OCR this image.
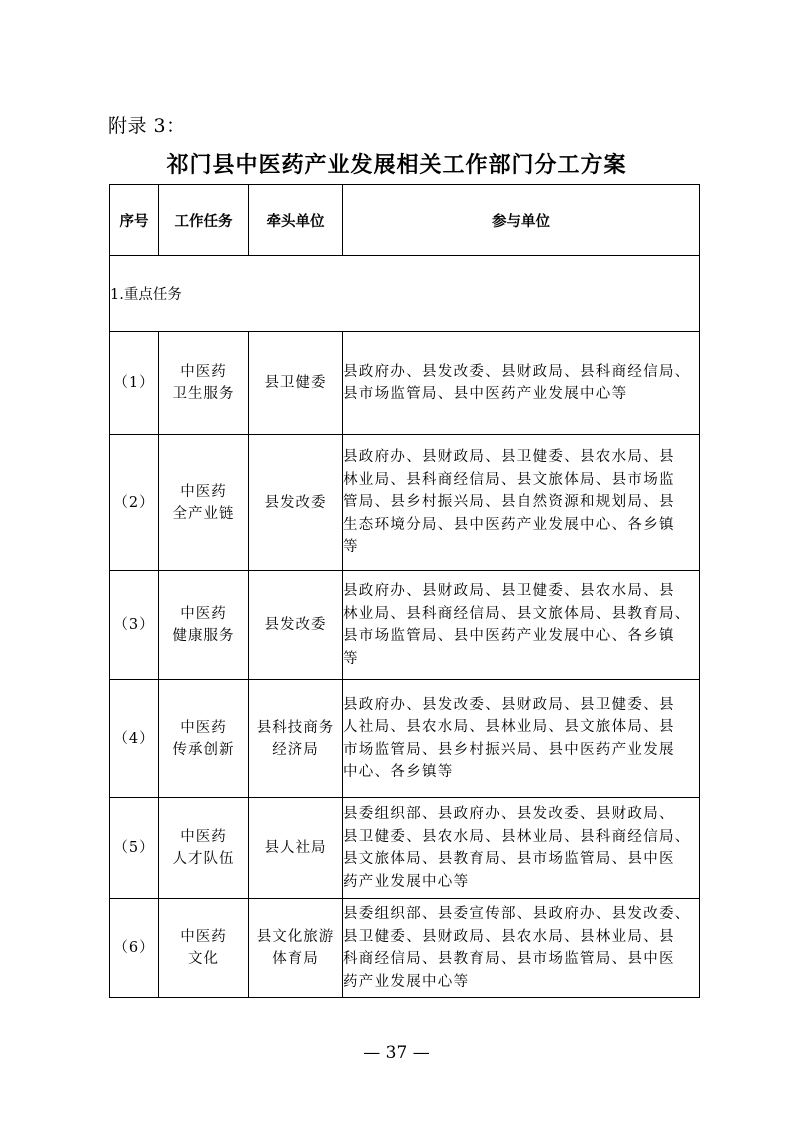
附录 3：
祁门县中医药产业发展相关工作部门分工方案
序号	工作任务	牵头单位	参与单位
1.重点任务			
（1）	中医药
卫生服务	县卫健委	县政府办、县发改委、县财政局、县科商经信局、
县市场监管局、县中医药产业发展中心等

（2）	中医药
全产业链	县发改委	县政府办、县财政局、县卫健委、县农水局、县
林业局、县科商经信局、县文旅体局、县市场监
管局、县乡村振兴局、县自然资源和规划局、县
生态环境分局、县中医药产业发展中心、各乡镇
等

（3）	中医药
健康服务	县发改委	县政府办、县财政局、县卫健委、县农水局、县
林业局、县科商经信局、县文旅体局、县教育局、
县市场监管局、县中医药产业发展中心、各乡镇
等

（4）	中医药
传承创新	县科技商务
经济局	县政府办、县发改委、县财政局、县卫健委、县
人社局、县农水局、县林业局、县文旅体局、县
市场监管局、县乡村振兴局、县中医药产业发展
中心、各乡镇等

（5）	中医药
人才队伍	县人社局	县委组织部、县政府办、县发改委、县财政局、
县卫健委、县农水局、县林业局、县科商经信局、
县文旅体局、县教育局、县市场监管局、县中医
药产业发展中心等

（6）	中医药
文化	县文化旅游
体育局	县委组织部、县委宣传部、县政府办、县发改委、
县卫健委、县财政局、县农水局、县林业局、县
科商经信局、县教育局、县市场监管局、县中医
药产业发展中心等
— 37 —
